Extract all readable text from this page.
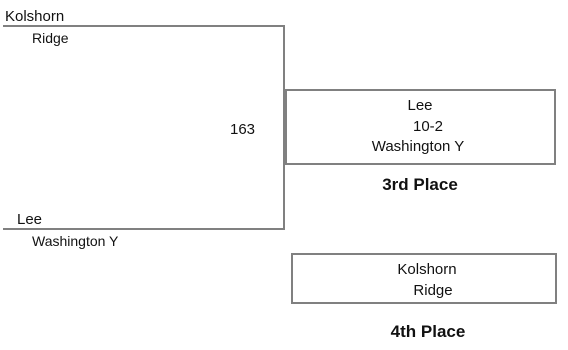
Kolshorn
Ridge
Lee
Washington Y
163
Lee
10-2
Washington Y
3rd Place
Kolshorn
Ridge
4th Place
